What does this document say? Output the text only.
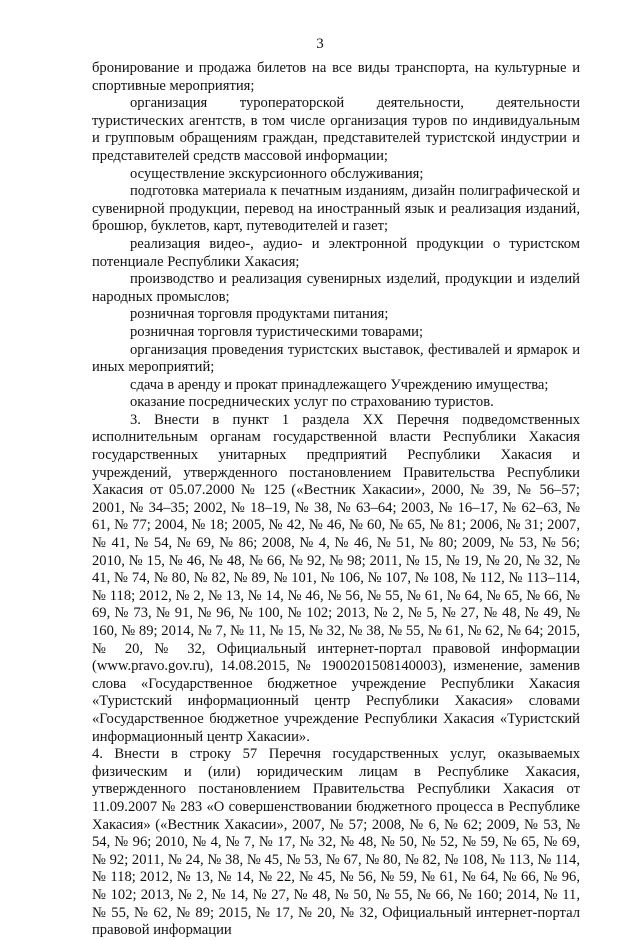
3

бронирование и продажа билетов на все виды транспорта, на культурные и спортивные мероприятия;

организация туроператорской деятельности, деятельности туристических агентств, в том числе организация туров по индивидуальным и групповым обращениям граждан, представителей туристской индустрии и представителей средств массовой информации;

осуществление экскурсионного обслуживания;

подготовка материала к печатным изданиям, дизайн полиграфической и сувенирной продукции, перевод на иностранный язык и реализация изданий, брошюр, буклетов, карт, путеводителей и газет;

реализация видео-, аудио- и электронной продукции о туристском потенциале Республики Хакасия;

производство и реализация сувенирных изделий, продукции и изделий народных промыслов;

розничная торговля продуктами питания;

розничная торговля туристическими товарами;

организация проведения туристских выставок, фестивалей и ярмарок и иных мероприятий;

сдача в аренду и прокат принадлежащего Учреждению имущества;

оказание посреднических услуг по страхованию туристов.

3. Внести в пункт 1 раздела XX Перечня подведомственных исполнительным органам государственной власти Республики Хакасия государственных унитарных предприятий Республики Хакасия и учреждений, утвержденного постановлением Правительства Республики Хакасия от 05.07.2000 № 125 («Вестник Хакасии», 2000, № 39, № 56–57; 2001, № 34–35; 2002, № 18–19, № 38, № 63–64; 2003, № 16–17, № 62–63, № 61, № 77; 2004, № 18; 2005, № 42, № 46, № 60, № 65, № 81; 2006, № 31; 2007, № 41, № 54, № 69, № 86; 2008, № 4, № 46, № 51, № 80; 2009, № 53, № 56; 2010, № 15, № 46, № 48, № 66, № 92, № 98; 2011, № 15, № 19, № 20, № 32, № 41, № 74, № 80, № 82, № 89, № 101, № 106, № 107, № 108, № 112, № 113–114, № 118; 2012, № 2, № 13, № 14, № 46, № 56, № 55, № 61, № 64, № 65, № 66, № 69, № 73, № 91, № 96, № 100, № 102; 2013, № 2, № 5, № 27, № 48, № 49, № 160, № 89; 2014, № 7, № 11, № 15, № 32, № 38, № 55, № 61, № 62, № 64; 2015, № 20, № 32, Официальный интернет-портал правовой информации (www.pravo.gov.ru), 14.08.2015, № 1900201508140003), изменение, заменив слова «Государственное бюджетное учреждение Республики Хакасия «Туристский информационный центр Республики Хакасия» словами «Государственное бюджетное учреждение Республики Хакасия «Туристский информационный центр Хакасии».

4. Внести в строку 57 Перечня государственных услуг, оказываемых физическим и (или) юридическим лицам в Республике Хакасия, утвержденного постановлением Правительства Республики Хакасия от 11.09.2007 № 283 «О совершенствовании бюджетного процесса в Республике Хакасия» («Вестник Хакасии», 2007, № 57; 2008, № 6, № 62; 2009, № 53, № 54, № 96; 2010, № 4, № 7, № 17, № 32, № 48, № 50, № 52, № 59, № 65, № 69, № 92; 2011, № 24, № 38, № 45, № 53, № 67, № 80, № 82, № 108, № 113, № 114, № 118; 2012, № 13, № 14, № 22, № 45, № 56, № 59, № 61, № 64, № 66, № 96, № 102; 2013, № 2, № 14, № 27, № 48, № 50, № 55, № 66, № 160; 2014, № 11, № 55, № 62, № 89; 2015, № 17, № 20, № 32, Официальный интернет-портал правовой информации
